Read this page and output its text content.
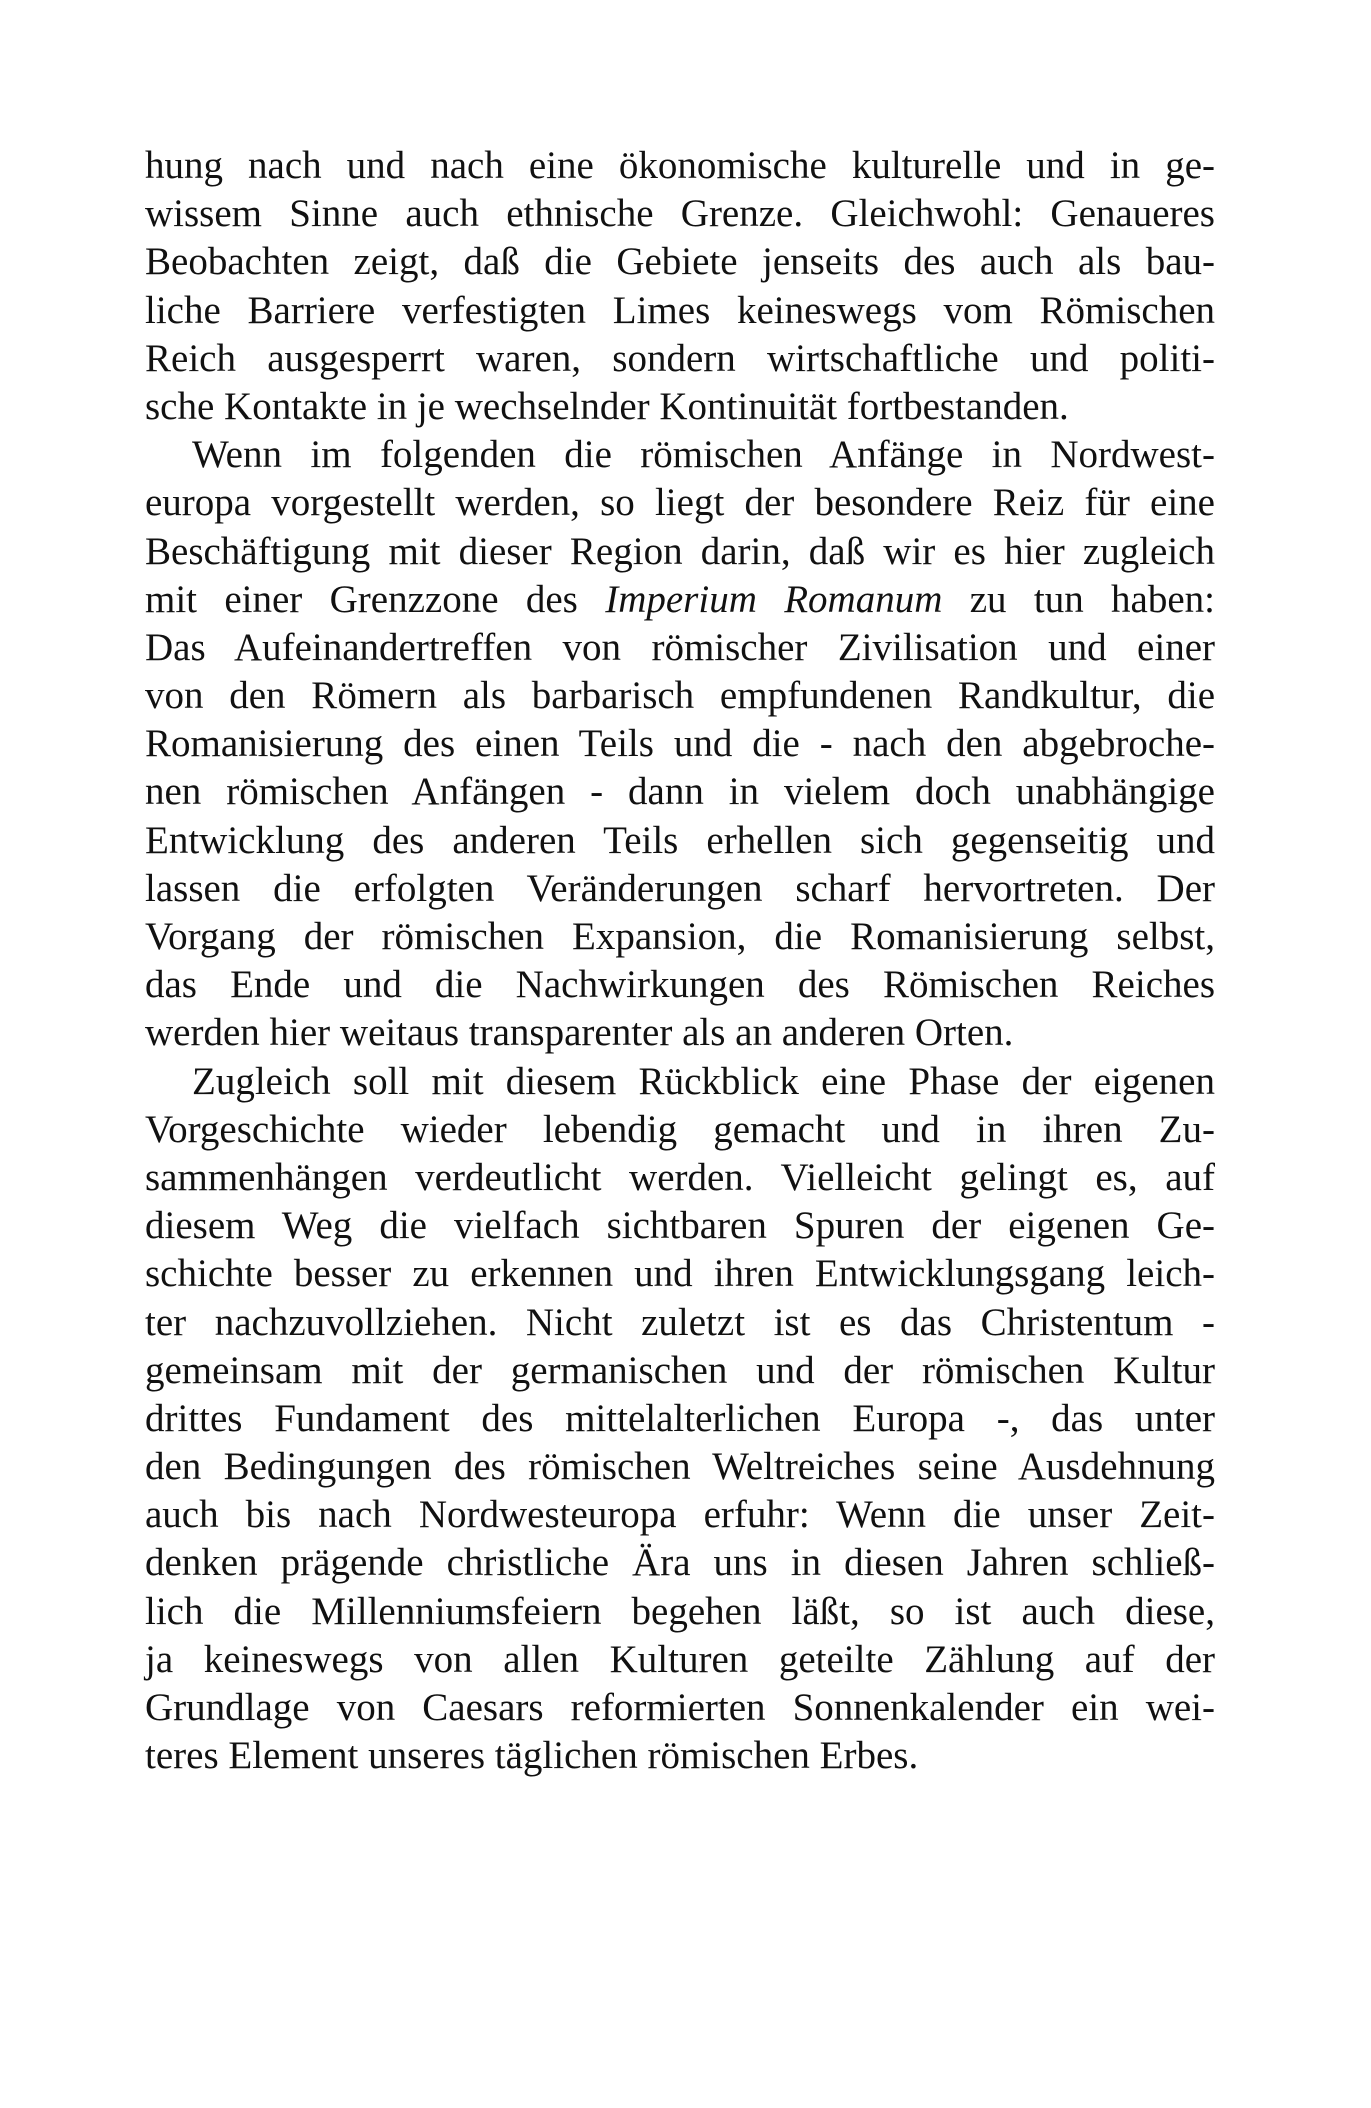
hung nach und nach eine ökonomische kulturelle und in ge-
wissem Sinne auch ethnische Grenze. Gleichwohl: Genaueres
Beobachten zeigt, daß die Gebiete jenseits des auch als bau-
liche Barriere verfestigten Limes keineswegs vom Römischen
Reich ausgesperrt waren, sondern wirtschaftliche und politi-
sche Kontakte in je wechselnder Kontinuität fortbestanden.
Wenn im folgenden die römischen Anfänge in Nordwest-
europa vorgestellt werden, so liegt der besondere Reiz für eine
Beschäftigung mit dieser Region darin, daß wir es hier zugleich
mit einer Grenzzone des Imperium Romanum zu tun haben:
Das Aufeinandertreffen von römischer Zivilisation und einer
von den Römern als barbarisch empfundenen Randkultur, die
Romanisierung des einen Teils und die - nach den abgebroche-
nen römischen Anfängen - dann in vielem doch unabhängige
Entwicklung des anderen Teils erhellen sich gegenseitig und
lassen die erfolgten Veränderungen scharf hervortreten. Der
Vorgang der römischen Expansion, die Romanisierung selbst,
das Ende und die Nachwirkungen des Römischen Reiches
werden hier weitaus transparenter als an anderen Orten.
Zugleich soll mit diesem Rückblick eine Phase der eigenen
Vorgeschichte wieder lebendig gemacht und in ihren Zu-
sammenhängen verdeutlicht werden. Vielleicht gelingt es, auf
diesem Weg die vielfach sichtbaren Spuren der eigenen Ge-
schichte besser zu erkennen und ihren Entwicklungsgang leich-
ter nachzuvollziehen. Nicht zuletzt ist es das Christentum -
gemeinsam mit der germanischen und der römischen Kultur
drittes Fundament des mittelalterlichen Europa -, das unter
den Bedingungen des römischen Weltreiches seine Ausdehnung
auch bis nach Nordwesteuropa erfuhr: Wenn die unser Zeit-
denken prägende christliche Ära uns in diesen Jahren schließ-
lich die Millenniumsfeiern begehen läßt, so ist auch diese,
ja keineswegs von allen Kulturen geteilte Zählung auf der
Grundlage von Caesars reformierten Sonnenkalender ein wei-
teres Element unseres täglichen römischen Erbes.
